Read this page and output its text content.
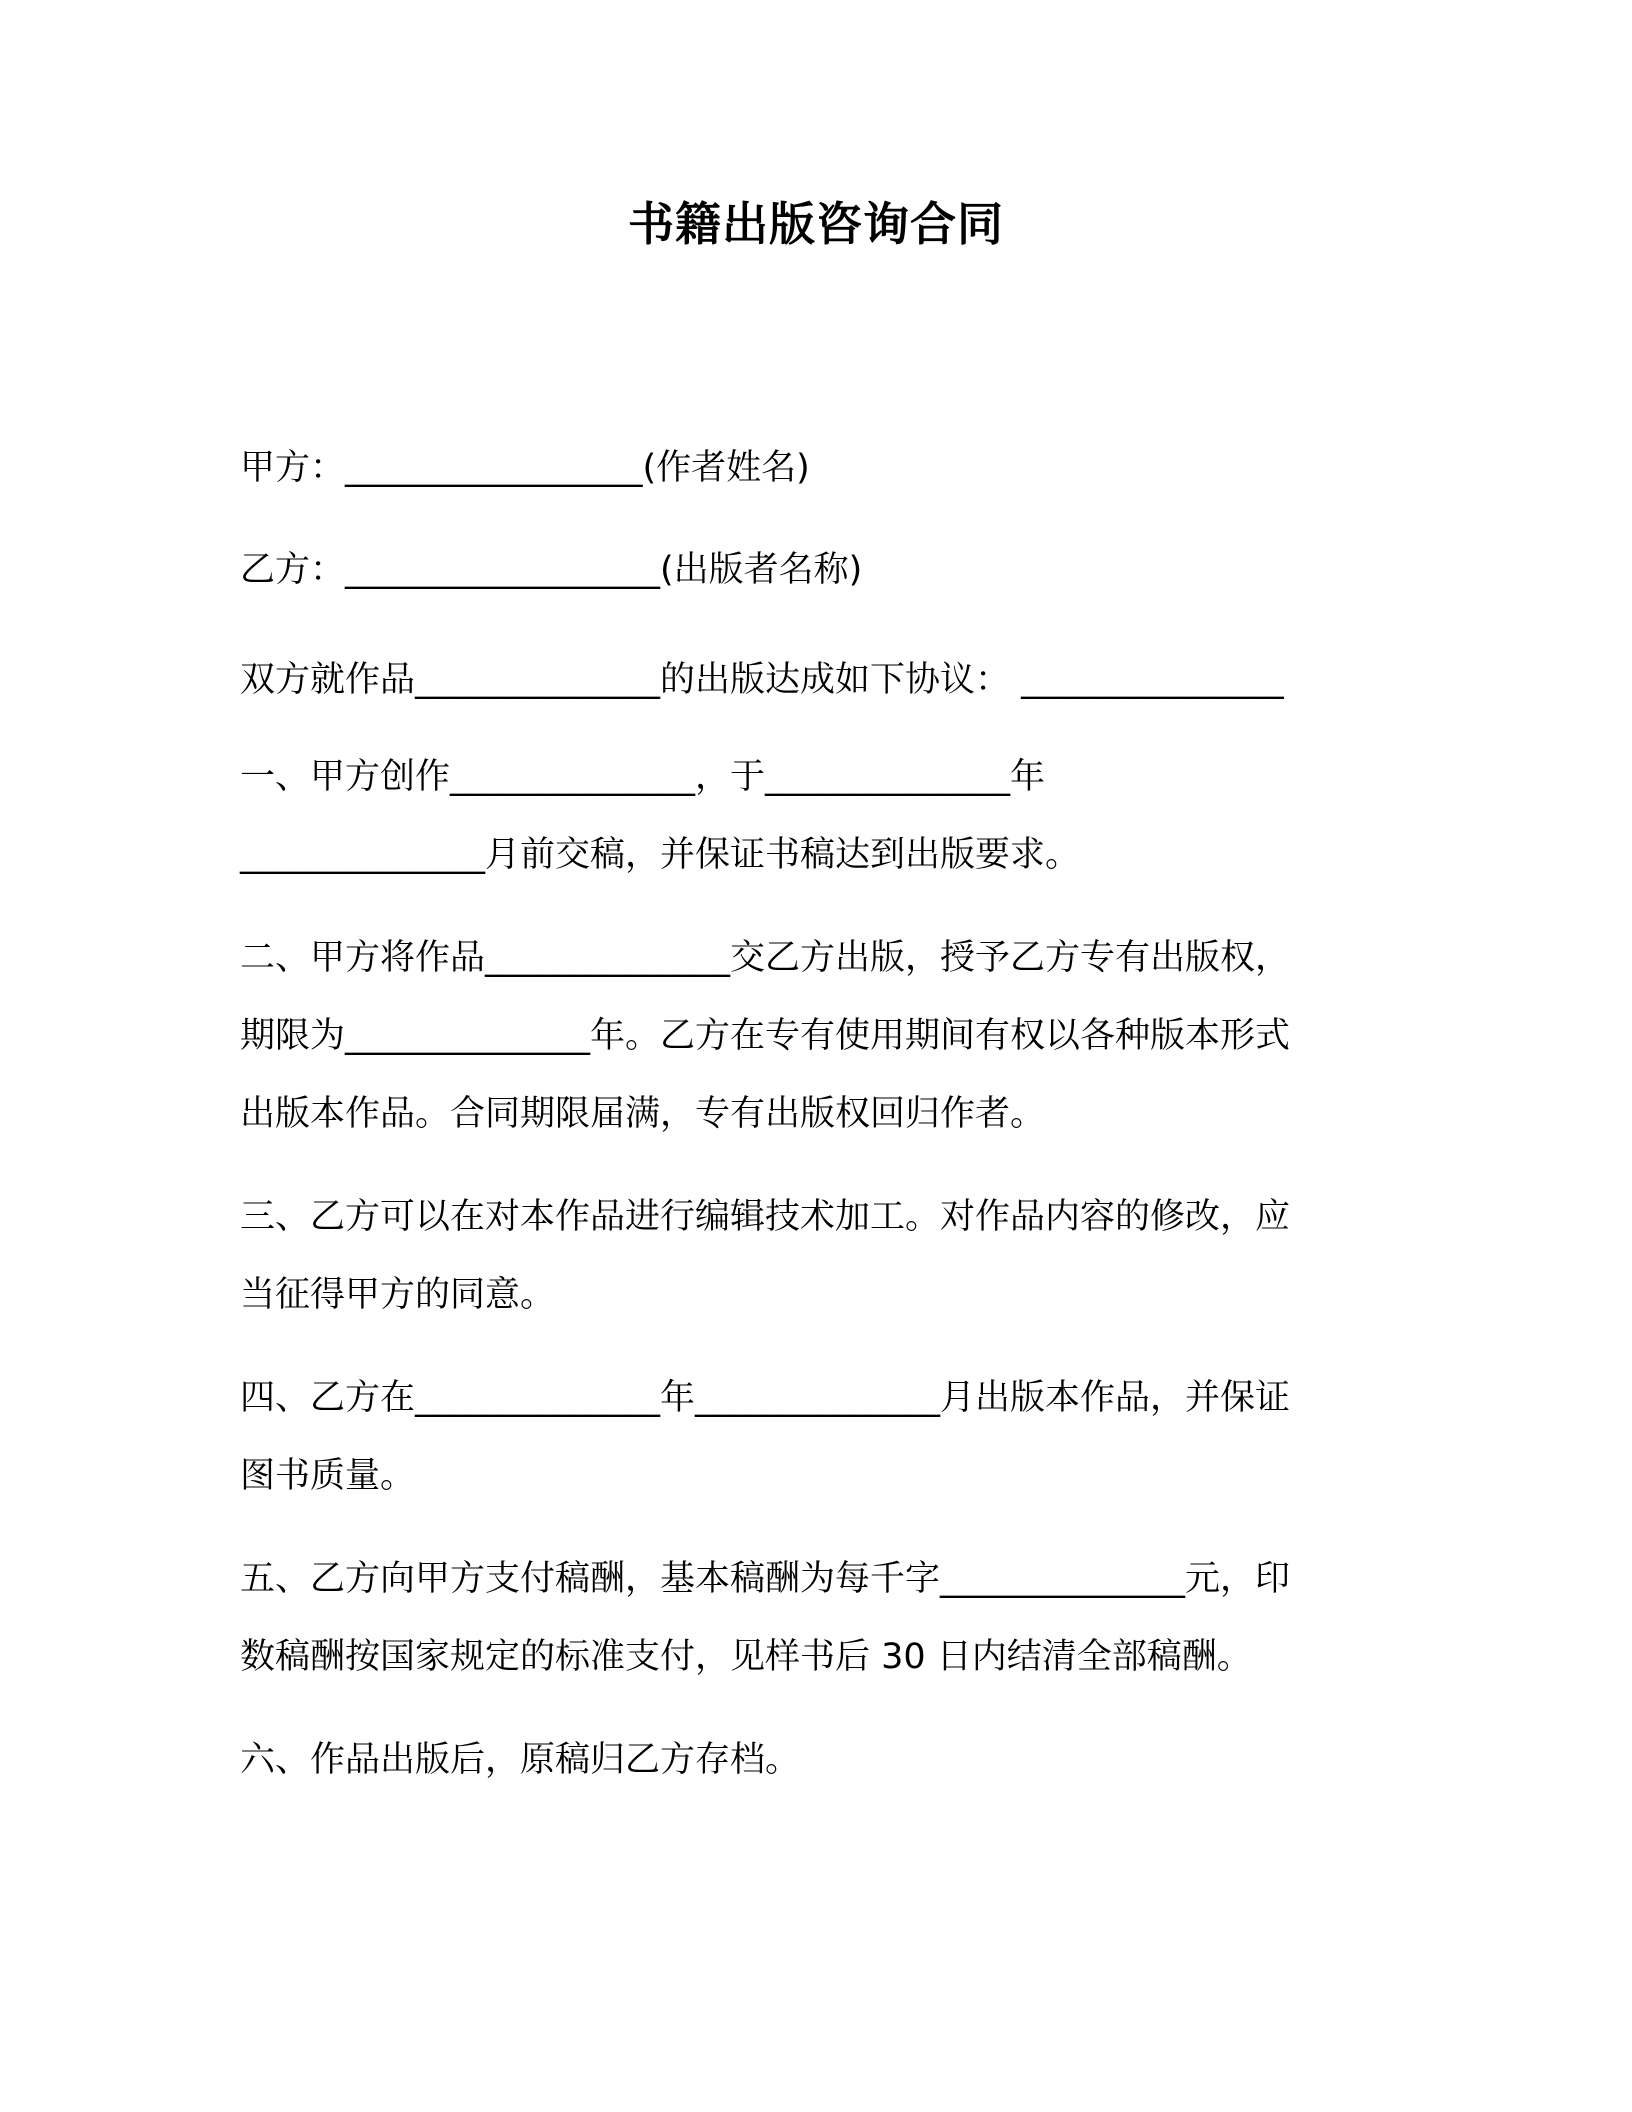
书籍出版咨询合同
甲方：_________________(作者姓名)
乙方：__________________(出版者名称)
双方就作品______________的出版达成如下协议： _______________
一、甲方创作______________，于______________年
______________月前交稿，并保证书稿达到出版要求。
二、甲方将作品______________交乙方出版，授予乙方专有出版权，
期限为______________年。乙方在专有使用期间有权以各种版本形式
出版本作品。合同期限届满，专有出版权回归作者。
三、乙方可以在对本作品进行编辑技术加工。对作品内容的修改，应
当征得甲方的同意。
四、乙方在______________年______________月出版本作品，并保证
图书质量。
五、乙方向甲方支付稿酬，基本稿酬为每千字______________元，印
数稿酬按国家规定的标准支付，见样书后 30 日内结清全部稿酬。
六、作品出版后，原稿归乙方存档。
